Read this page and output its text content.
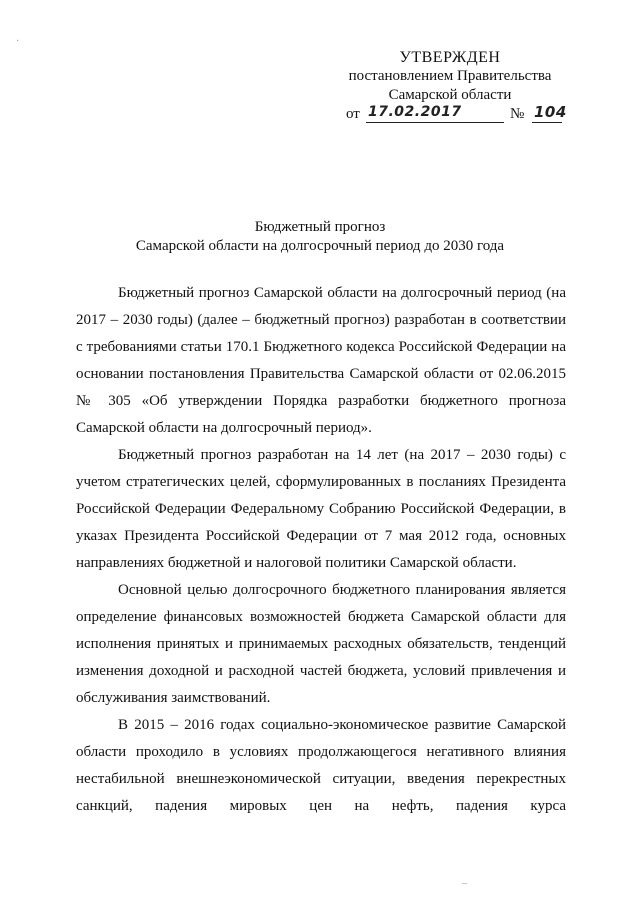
УТВЕРЖДЕН
постановлением Правительства
Самарской области
от 17.02.2017	№ 104
Бюджетный прогноз
Самарской области на долгосрочный период до 2030 года

Бюджетный прогноз Самарской области на долгосрочный период (на 2017 – 2030 годы) (далее – бюджетный прогноз) разработан в соответствии с требованиями статьи 170.1 Бюджетного кодекса Российской Федерации на основании постановления Правительства Самарской области от 02.06.2015 № 305 «Об утверждении Порядка разработки бюджетного прогноза Самарской области на долгосрочный период».

Бюджетный прогноз разработан на 14 лет (на 2017 – 2030 годы) с учетом стратегических целей, сформулированных в посланиях Президента Российской Федерации Федеральному Собранию Российской Федерации, в указах Президента Российской Федерации от 7 мая 2012 года, основных направлениях бюджетной и налоговой политики Самарской области.

Основной целью долгосрочного бюджетного планирования является определение финансовых возможностей бюджета Самарской области для исполнения принятых и принимаемых расходных обязательств, тенденций изменения доходной и расходной частей бюджета, условий привлечения и обслуживания заимствований.

В 2015 – 2016 годах социально-экономическое развитие Самарской области проходило в условиях продолжающегося негативного влияния нестабильной внешнеэкономической ситуации, введения перекрестных санкций, падения мировых цен на нефть, падения курса

·
‒
